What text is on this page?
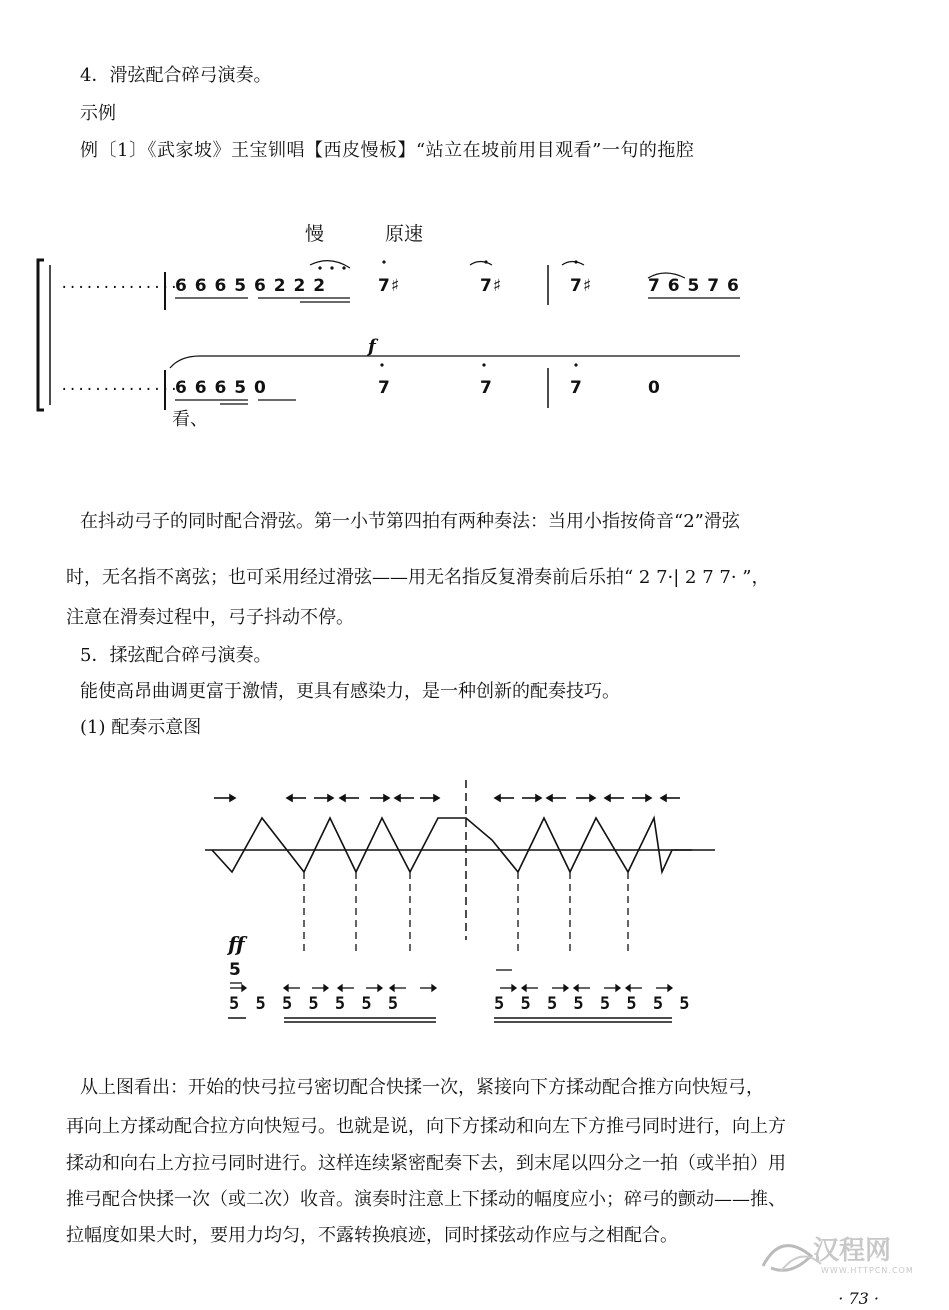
4．滑弦配合碎弓演奏。
示例
例〔1〕《武家坡》王宝钏唱【西皮慢板】“站立在坡前用目观看”一句的拖腔
慢	原速
··············
··············
6 6 6 5 6 2 2 2	7♯	7♯	7♯	7 6 5 7 6
f
6 6 6 5 0	7	7	7	0
看、
在抖动弓子的同时配合滑弦。第一小节第四拍有两种奏法：当用小指按倚音“2”滑弦
时，无名指不离弦；也可采用经过滑弦——用无名指反复滑奏前后乐拍“ 2 7·| 2 7 7· ”，
注意在滑奏过程中，弓子抖动不停。
5．揉弦配合碎弓演奏。
能使高昂曲调更富于激情，更具有感染力，是一种创新的配奏技巧。
(1) 配奏示意图
ff
5
5 5 5 5 5 5 5	5 5 5 5 5 5 5 5
从上图看出：开始的快弓拉弓密切配合快揉一次，紧接向下方揉动配合推方向快短弓，
再向上方揉动配合拉方向快短弓。也就是说，向下方揉动和向左下方推弓同时进行，向上方
揉动和向右上方拉弓同时进行。这样连续紧密配奏下去，到末尾以四分之一拍（或半拍）用
推弓配合快揉一次（或二次）收音。演奏时注意上下揉动的幅度应小；碎弓的颤动——推、
拉幅度如果大时，要用力均匀，不露转换痕迹，同时揉弦动作应与之相配合。
汉程网
WWW.HTTPCN.COM
· 73 ·
